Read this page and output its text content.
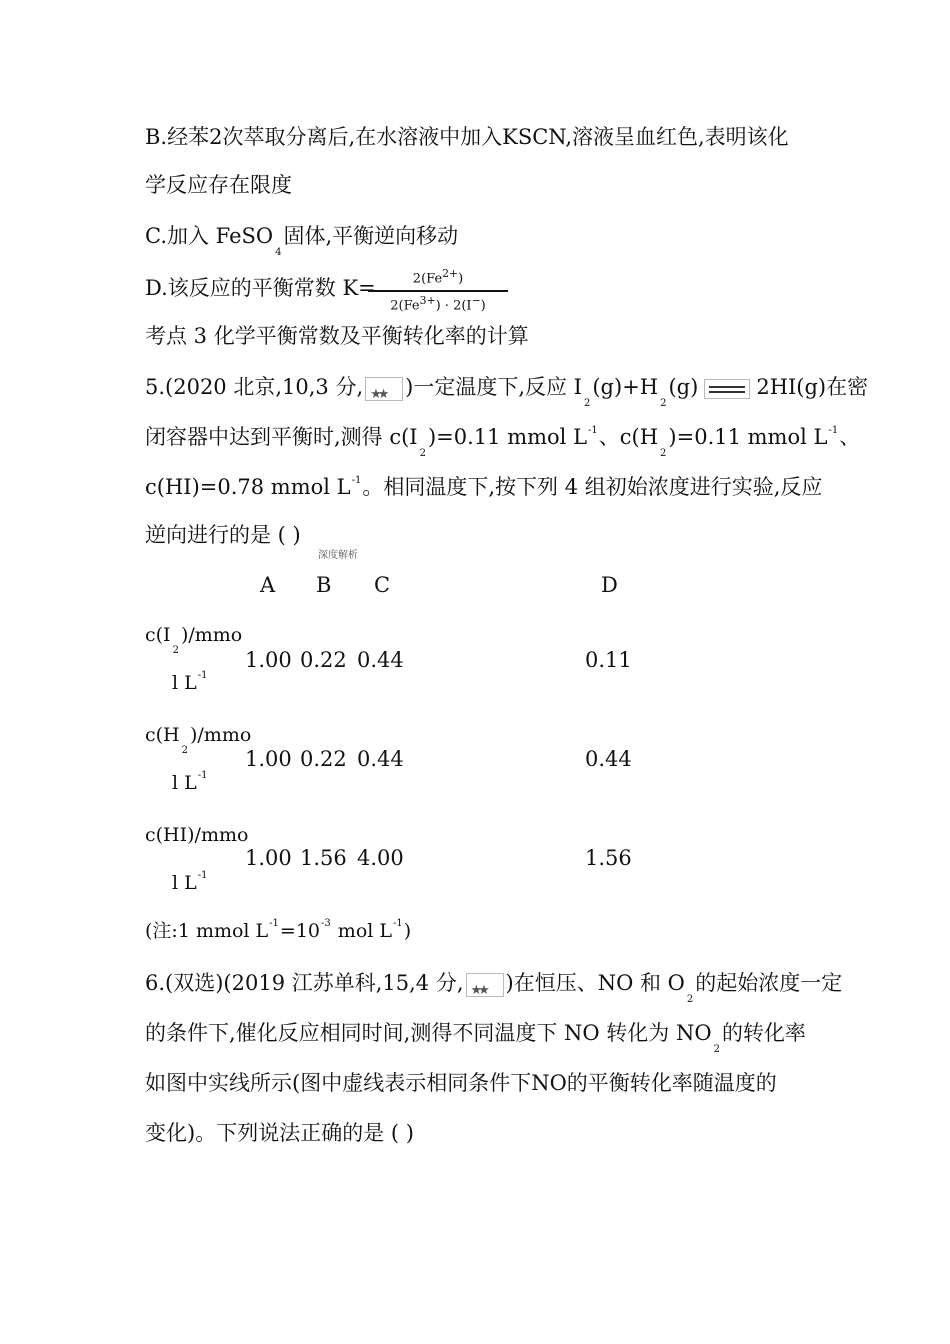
B.经苯2次萃取分离后,在水溶液中加入KSCN,溶液呈血红色,表明该化
学反应存在限度
C.加入 FeSO$_4$固体,平衡逆向移动
D.该反应的平衡常数 K=
$\frac{2(Fe^{2+})}{2(Fe^{3+}) \cdot 2(I^-)}$
考点 3 化学平衡常数及平衡转化率的计算
5.(2020 北京,10,3 分, ★★ )一定温度下,反应 $I_2(g)+H_2(g)$	2HI(g)在密
闭容器中达到平衡时,测得 $c(I_2)=0.11$ mmol $L^{-1}$、$c(H_2)=0.11$ mmol $L^{-1}$、
c(HI)=0.78 mmol $L^{-1}$。相同温度下,按下列 4 组初始浓度进行实验,反应
逆向进行的是 ( )
深度解析
A B C	D
$c(I_2)$/mmo
l $L^{-1}$
1.00 0.22 0.44	0.11
$c(H_2)$/mmo
l $L^{-1}$
1.00 0.22 0.44	0.44
c(HI)/mmo
l $L^{-1}$
1.00 1.56 4.00	1.56
(注:1 mmol $L^{-1}=10^{-3}$ mol $L^{-1}$)
6.(双选)(2019 江苏单科,15,4 分, ★★ )在恒压、NO 和 $O_2$的起始浓度一定
的条件下,催化反应相同时间,测得不同温度下 NO 转化为 $NO_2$的转化率
如图中实线所示(图中虚线表示相同条件下NO的平衡转化率随温度的
变化)。下列说法正确的是 ( )
